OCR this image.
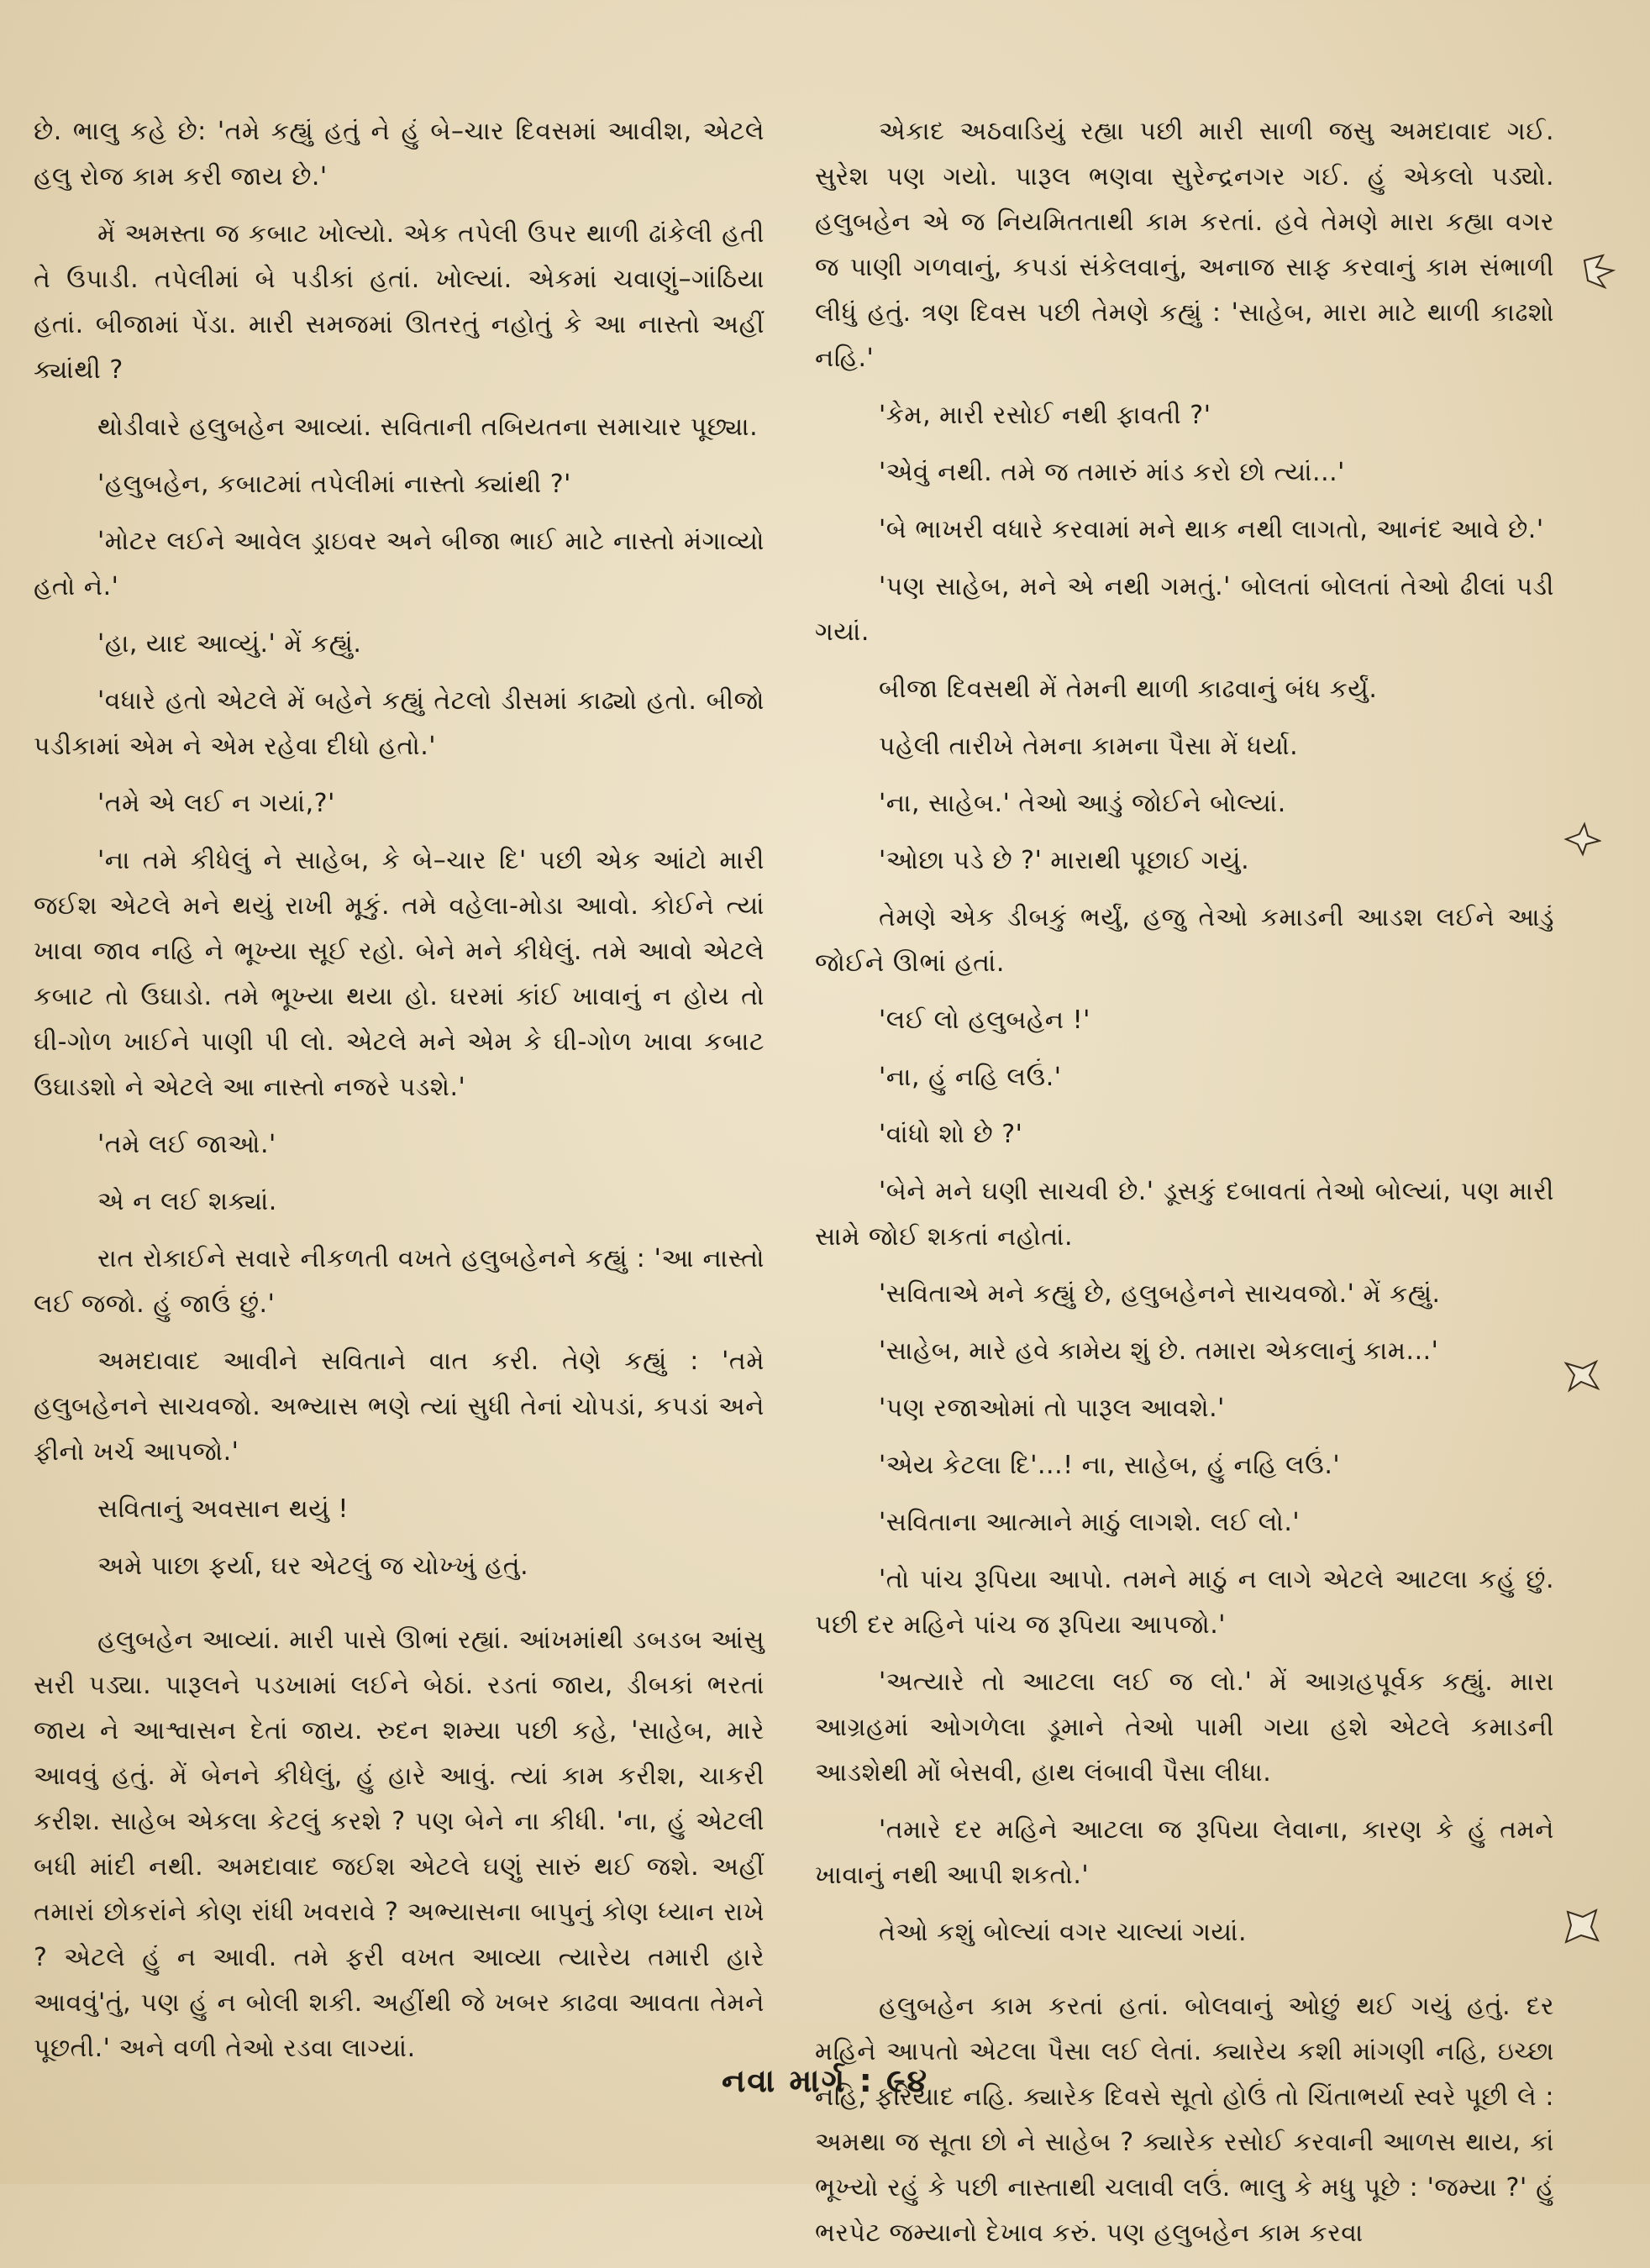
છે. ભાલુ કહે છે: 'તમે કહ્યું હતું ને હું બે–ચાર દિવસમાં આવીશ, એટલે હલુ રોજ કામ કરી જાય છે.'

મેં અમસ્તા જ કબાટ ખોલ્યો. એક તપેલી ઉપર થાળી ઢાંકેલી હતી તે ઉપાડી. તપેલીમાં બે પડીકાં હતાં. ખોલ્યાં. એકમાં ચવાણું–ગાંઠિયા હતાં. બીજામાં પેંડા. મારી સમજમાં ઊતરતું નહોતું કે આ નાસ્તો અહીં ક્યાંથી ?

થોડીવારે હલુબહેન આવ્યાં. સવિતાની તબિયતના સમાચાર પૂછ્યા.

'હલુબહેન, કબાટમાં તપેલીમાં નાસ્તો ક્યાંથી ?'

'મોટર લઈને આવેલ ડ્રાઇવર અને બીજા ભાઈ માટે નાસ્તો મંગાવ્યો હતો ને.'

'હા, યાદ આવ્યું.' મેં કહ્યું.

'વધારે હતો એટલે મેં બહેને કહ્યું તેટલો ડીસમાં કાઢ્યો હતો. બીજો પડીકામાં એમ ને એમ રહેવા દીધો હતો.'

'તમે એ લઈ ન ગયાં,?'

'ના તમે કીધેલું ને સાહેબ, કે બે–ચાર દિ' પછી એક આંટો મારી જઈશ એટલે મને થયું રાખી મૂકું. તમે વહેલા-મોડા આવો. કોઈને ત્યાં ખાવા જાવ નહિ ને ભૂખ્યા સૂઈ રહો. બેને મને કીધેલું. તમે આવો એટલે કબાટ તો ઉઘાડો. તમે ભૂખ્યા થયા હો. ઘરમાં કાંઈ ખાવાનું ન હોય તો ઘી-ગોળ ખાઈને પાણી પી લો. એટલે મને એમ કે ઘી-ગોળ ખાવા કબાટ ઉઘાડશો ને એટલે આ નાસ્તો નજરે પડશે.'

'તમે લઈ જાઓ.'

એ ન લઈ શક્યાં.

રાત રોકાઈને સવારે નીકળતી વખતે હલુબહેનને કહ્યું : 'આ નાસ્તો લઈ જજો. હું જાઉં છું.'

અમદાવાદ આવીને સવિતાને વાત કરી. તેણે કહ્યું : 'તમે હલુબહેનને સાચવજો. અભ્યાસ ભણે ત્યાં સુધી તેનાં ચોપડાં, કપડાં અને ફીનો ખર્ચ આપજો.'

સવિતાનું અવસાન થયું !

અમે પાછા ફર્યા, ઘર એટલું જ ચોખ્ખું હતું.

હલુબહેન આવ્યાં. મારી પાસે ઊભાં રહ્યાં. આંખમાંથી ડબડબ આંસુ સરી પડ્યા. પારૂલને પડખામાં લઈને બેઠાં. રડતાં જાય, ડીબકાં ભરતાં જાય ને આશ્વાસન દેતાં જાય. રુદન શમ્યા પછી કહે, 'સાહેબ, મારે આવવું હતું. મેં બેનને કીધેલું, હું હારે આવું. ત્યાં કામ કરીશ, ચાકરી કરીશ. સાહેબ એકલા કેટલું કરશે ? પણ બેને ના કીધી. 'ના, હું એટલી બધી માંદી નથી. અમદાવાદ જઈશ એટલે ઘણું સારું થઈ જશે. અહીં તમારાં છોકરાંને કોણ રાંધી ખવરાવે ? અભ્યાસના બાપુનું કોણ ધ્યાન રાખે ? એટલે હું ન આવી. તમે ફરી વખત આવ્યા ત્યારેય તમારી હારે આવવું'તું, પણ હું ન બોલી શકી. અહીંથી જે ખબર કાઢવા આવતા તેમને પૂછતી.' અને વળી તેઓ રડવા લાગ્યાં.

એકાદ અઠવાડિયું રહ્યા પછી મારી સાળી જસુ અમદાવાદ ગઈ. સુરેશ પણ ગયો. પારૂલ ભણવા સુરેન્દ્રનગર ગઈ. હું એકલો પડ્યો. હલુબહેન એ જ નિયમિતતાથી કામ કરતાં. હવે તેમણે મારા કહ્યા વગર જ પાણી ગળવાનું, કપડાં સંકેલવાનું, અનાજ સાફ કરવાનું કામ સંભાળી લીધું હતું. ત્રણ દિવસ પછી તેમણે કહ્યું : 'સાહેબ, મારા માટે થાળી કાઢશો નહિ.'

'કેમ, મારી રસોઈ નથી ફાવતી ?'

'એવું નથી. તમે જ તમારું માંડ કરો છો ત્યાં...'

'બે ભાખરી વધારે કરવામાં મને થાક નથી લાગતો, આનંદ આવે છે.'

'પણ સાહેબ, મને એ નથી ગમતું.' બોલતાં બોલતાં તેઓ ઢીલાં પડી ગયાં.

બીજા દિવસથી મેં તેમની થાળી કાઢવાનું બંધ કર્યું.

પહેલી તારીખે તેમના કામના પૈસા મેં ધર્યા.

'ના, સાહેબ.' તેઓ આડું જોઈને બોલ્યાં.

'ઓછા પડે છે ?' મારાથી પૂછાઈ ગયું.

તેમણે એક ડીબકું ભર્યું, હજુ તેઓ કમાડની આડશ લઈને આડું જોઈને ઊભાં હતાં.

'લઈ લો હલુબહેન !'

'ના, હું નહિ લઉં.'

'વાંધો શો છે ?'

'બેને મને ઘણી સાચવી છે.' ડૂસકું દબાવતાં તેઓ બોલ્યાં, પણ મારી સામે જોઈ શકતાં નહોતાં.

'સવિતાએ મને કહ્યું છે, હલુબહેનને સાચવજો.' મેં કહ્યું.

'સાહેબ, મારે હવે કામેય શું છે. તમારા એકલાનું કામ...'

'પણ રજાઓમાં તો પારૂલ આવશે.'

'એય કેટલા દિ'...! ના, સાહેબ, હું નહિ લઉં.'

'સવિતાના આત્માને માઠું લાગશે. લઈ લો.'

'તો પાંચ રૂપિયા આપો. તમને માઠું ન લાગે એટલે આટલા કહું છું. પછી દર મહિને પાંચ જ રૂપિયા આપજો.'

'અત્યારે તો આટલા લઈ જ લો.' મેં આગ્રહપૂર્વક કહ્યું. મારા આગ્રહમાં ઓગળેલા ડૂમાને તેઓ પામી ગયા હશે એટલે કમાડની આડશેથી મોં બેસવી, હાથ લંબાવી પૈસા લીધા.

'તમારે દર મહિને આટલા જ રૂપિયા લેવાના, કારણ કે હું તમને ખાવાનું નથી આપી શકતો.'

તેઓ કશું બોલ્યાં વગર ચાલ્યાં ગયાં.

હલુબહેન કામ કરતાં હતાં. બોલવાનું ઓછું થઈ ગયું હતું. દર મહિને આપતો એટલા પૈસા લઈ લેતાં. ક્યારેય કશી માંગણી નહિ, ઇચ્છા નહિ, ફરિયાદ નહિ. ક્યારેક દિવસે સૂતો હોઉં તો ચિંતાભર્યા સ્વરે પૂછી લે : અમથા જ સૂતા છો ને સાહેબ ? ક્યારેક રસોઈ કરવાની આળસ થાય, કાં ભૂખ્યો રહું કે પછી નાસ્તાથી ચલાવી લઉં. ભાલુ કે મધુ પૂછે : 'જમ્યા ?' હું ભરપેટ જમ્યાનો દેખાવ કરું. પણ હલુબહેન કામ કરવા

નવા માર્ગ : ૯૪
